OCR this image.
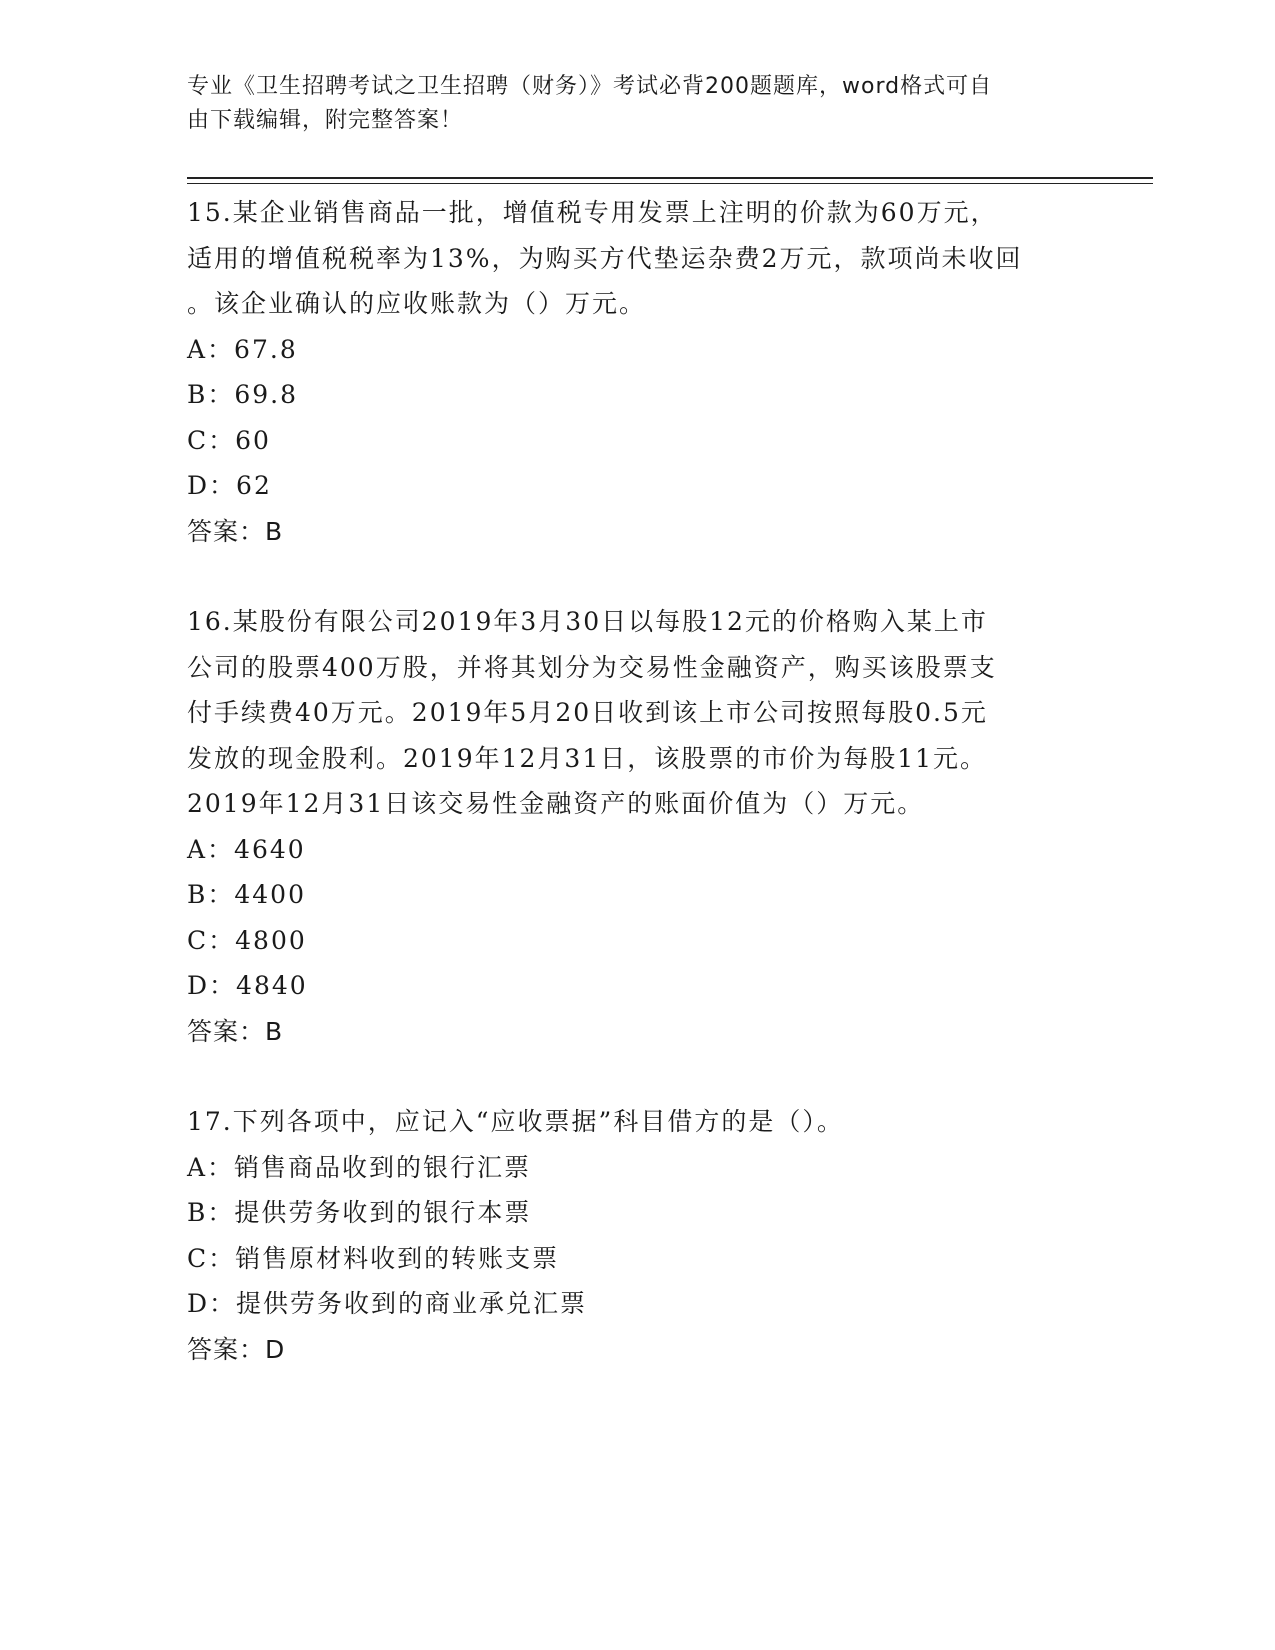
专业《卫生招聘考试之卫生招聘（财务）》考试必背200题题库，word格式可自
由下载编辑，附完整答案！

15.某企业销售商品一批，增值税专用发票上注明的价款为60万元，

适用的增值税税率为13%，为购买方代垫运杂费2万元，款项尚未收回

。该企业确认的应收账款为（）万元。

A：67.8

B：69.8

C：60

D：62

答案：B

16.某股份有限公司2019年3月30日以每股12元的价格购入某上市

公司的股票400万股，并将其划分为交易性金融资产，购买该股票支

付手续费40万元。2019年5月20日收到该上市公司按照每股0.5元

发放的现金股利。2019年12月31日，该股票的市价为每股11元。

2019年12月31日该交易性金融资产的账面价值为（）万元。

A：4640

B：4400

C：4800

D：4840

答案：B

17.下列各项中，应记入“应收票据”科目借方的是（）。

A：销售商品收到的银行汇票

B：提供劳务收到的银行本票

C：销售原材料收到的转账支票

D：提供劳务收到的商业承兑汇票

答案：D
